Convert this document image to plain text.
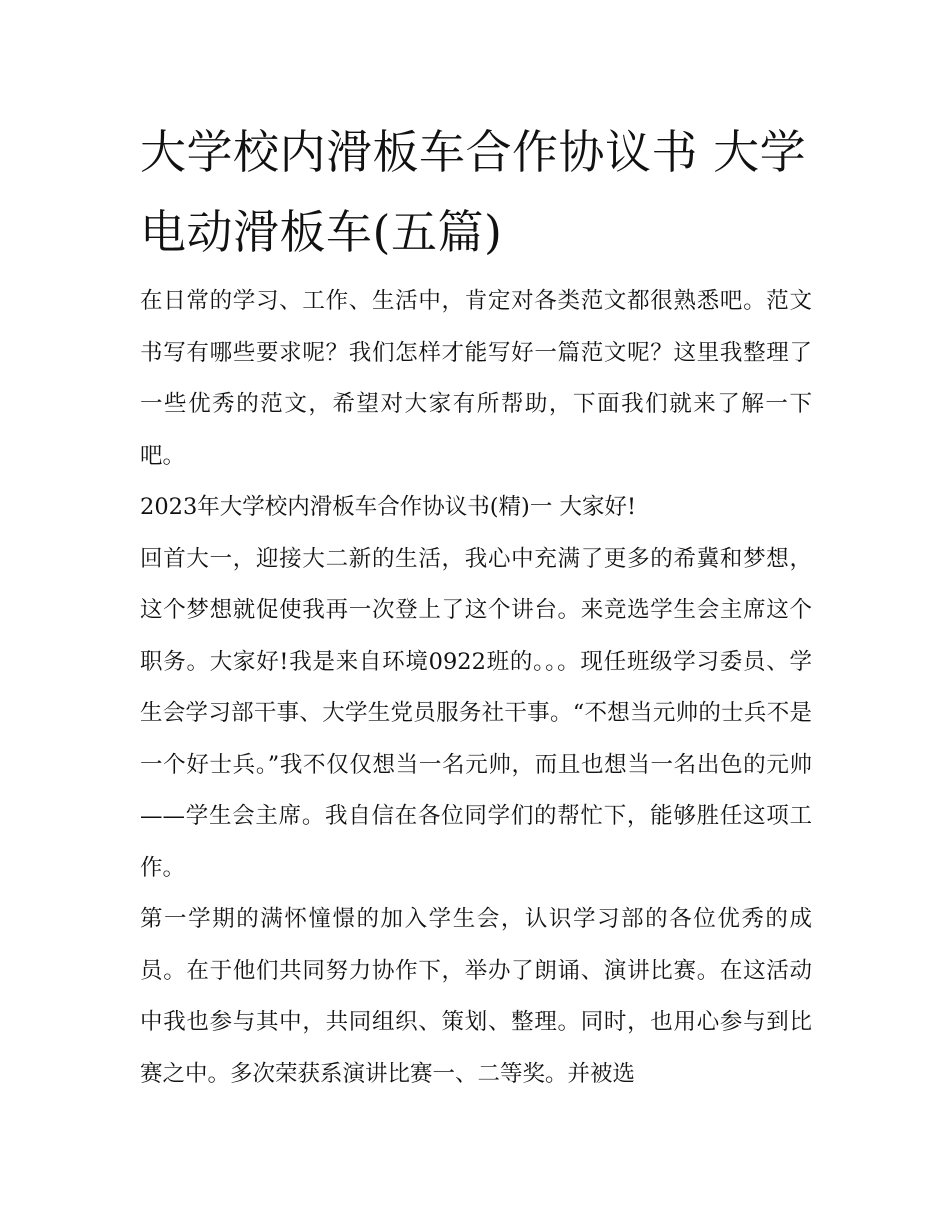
大学校内滑板车合作协议书 大学电动滑板车(五篇)

在日常的学习、工作、生活中，肯定对各类范文都很熟悉吧。范文书写有哪些要求呢？我们怎样才能写好一篇范文呢？这里我整理了一些优秀的范文，希望对大家有所帮助，下面我们就来了解一下吧。

2023年大学校内滑板车合作协议书(精)一 大家好!

回首大一，迎接大二新的生活，我心中充满了更多的希冀和梦想，这个梦想就促使我再一次登上了这个讲台。来竞选学生会主席这个职务。大家好!我是来自环境0922班的。。。现任班级学习委员、学生会学习部干事、大学生党员服务社干事。“不想当元帅的士兵不是一个好士兵。”我不仅仅想当一名元帅，而且也想当一名出色的元帅——学生会主席。我自信在各位同学们的帮忙下，能够胜任这项工作。

第一学期的满怀憧憬的加入学生会，认识学习部的各位优秀的成员。在于他们共同努力协作下，举办了朗诵、演讲比赛。在这活动中我也参与其中，共同组织、策划、整理。同时，也用心参与到比赛之中。多次荣获系演讲比赛一、二等奖。并被选
